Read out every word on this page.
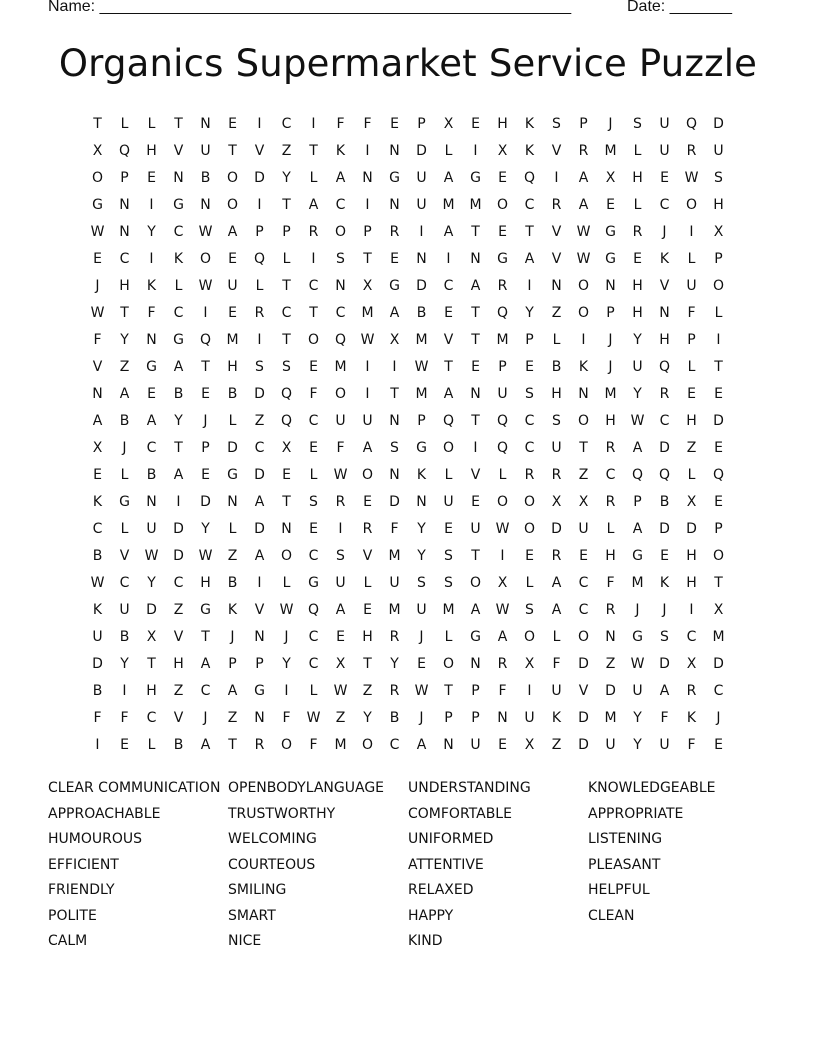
Name: _____________________________________________________	Date: _______
Organics Supermarket Service Puzzle
T	L	L	T	N	E	I	C	I	F	F	E	P	X	E	H	K	S	P	J	S	U	Q	D
X	Q	H	V	U	T	V	Z	T	K	I	N	D	L	I	X	K	V	R	M	L	U	R	U
O	P	E	N	B	O	D	Y	L	A	N	G	U	A	G	E	Q	I	A	X	H	E	W	S
G	N	I	G	N	O	I	T	A	C	I	N	U	M	M	O	C	R	A	E	L	C	O	H
W	N	Y	C	W	A	P	P	R	O	P	R	I	A	T	E	T	V	W	G	R	J	I	X
E	C	I	K	O	E	Q	L	I	S	T	E	N	I	N	G	A	V	W	G	E	K	L	P
J	H	K	L	W	U	L	T	C	N	X	G	D	C	A	R	I	N	O	N	H	V	U	O
W	T	F	C	I	E	R	C	T	C	M	A	B	E	T	Q	Y	Z	O	P	H	N	F	L
F	Y	N	G	Q	M	I	T	O	Q	W	X	M	V	T	M	P	L	I	J	Y	H	P	I
V	Z	G	A	T	H	S	S	E	M	I	I	W	T	E	P	E	B	K	J	U	Q	L	T
N	A	E	B	E	B	D	Q	F	O	I	T	M	A	N	U	S	H	N	M	Y	R	E	E
A	B	A	Y	J	L	Z	Q	C	U	U	N	P	Q	T	Q	C	S	O	H	W	C	H	D
X	J	C	T	P	D	C	X	E	F	A	S	G	O	I	Q	C	U	T	R	A	D	Z	E
E	L	B	A	E	G	D	E	L	W	O	N	K	L	V	L	R	R	Z	C	Q	Q	L	Q
K	G	N	I	D	N	A	T	S	R	E	D	N	U	E	O	O	X	X	R	P	B	X	E
C	L	U	D	Y	L	D	N	E	I	R	F	Y	E	U	W	O	D	U	L	A	D	D	P
B	V	W	D	W	Z	A	O	C	S	V	M	Y	S	T	I	E	R	E	H	G	E	H	O
W	C	Y	C	H	B	I	L	G	U	L	U	S	S	O	X	L	A	C	F	M	K	H	T
K	U	D	Z	G	K	V	W	Q	A	E	M	U	M	A	W	S	A	C	R	J	J	I	X
U	B	X	V	T	J	N	J	C	E	H	R	J	L	G	A	O	L	O	N	G	S	C	M
D	Y	T	H	A	P	P	Y	C	X	T	Y	E	O	N	R	X	F	D	Z	W	D	X	D
B	I	H	Z	C	A	G	I	L	W	Z	R	W	T	P	F	I	U	V	D	U	A	R	C
F	F	C	V	J	Z	N	F	W	Z	Y	B	J	P	P	N	U	K	D	M	Y	F	K	J
I	E	L	B	A	T	R	O	F	M	O	C	A	N	U	E	X	Z	D	U	Y	U	F	E
CLEAR COMMUNICATION
APPROACHABLE
HUMOUROUS
EFFICIENT
FRIENDLY
POLITE
CALM
OPENBODYLANGUAGE
TRUSTWORTHY
WELCOMING
COURTEOUS
SMILING
SMART
NICE
UNDERSTANDING
COMFORTABLE
UNIFORMED
ATTENTIVE
RELAXED
HAPPY
KIND
KNOWLEDGEABLE
APPROPRIATE
LISTENING
PLEASANT
HELPFUL
CLEAN
